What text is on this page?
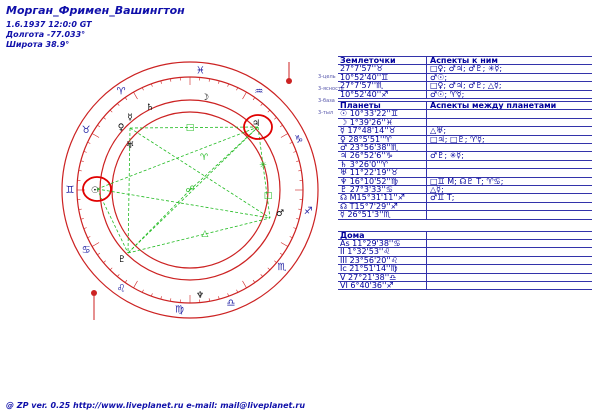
Морган_Фримен_Вашингтон
1.6.1937 12:0:0 GT
Долгота -77.033°
Широта 38.9°
♈
♉
♊
♋
♌
♍
♎
♏
♐
♑
♒
♓
□
♈
☍
✳
△
□
☉
☽
☿
♀
♂
♃
♄
♅
♆
♇
3-цель
3-ясность
3-база
3-тыл
Землеточки	Аспекты к ним
27°7'57''♉	□♀; ♂♃; ♂♇; ✳☿;
10°52'40''♊	♂☉;
27°7'57''♏	□♀; ♂♃; ♂♇; △☿;
10°52'40''♐	♂☉; ♈☿;
Планеты	Аспекты между планетами
☉ 10°33'22''♊
☽ 1°39'26''♓
☿ 17°48'14''♉	△♅;
♀ 28°5'51''♈	□♃; □♇; ♈☿;
♂ 23°56'38''♏
♃ 26°52'6''♑	♂♇; ✳☿;
♄ 3°26'0''♈
♅ 11°22'19''♉
♆ 16°10'52''♍	□♊ M; ☊♇ T; ♈♋;
♇ 27°3'33''♋	△☿;
☊ M15°31'11''♐	♂♊ T;
☊ T15°7'29''♐
☿ 26°51'3''♏
Дома
As 11°29'38''♋
II 1°32'53''♌
III 23°56'20''♌
Ic 21°51'14''♍
V 27°21'38''♎
VI 6°40'36''♐
@ ZP ver. 0.25 http://www.liveplanet.ru e-mail: mail@liveplanet.ru
